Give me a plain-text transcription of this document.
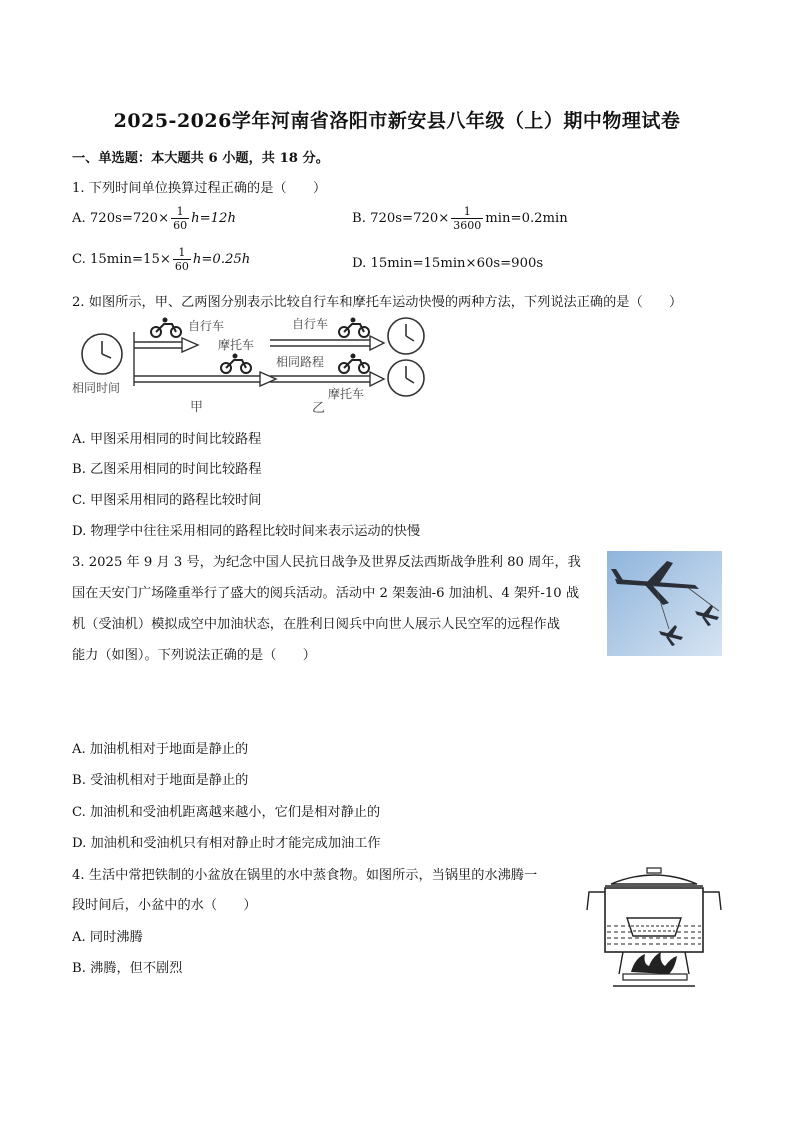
2025-2026学年河南省洛阳市新安县八年级（上）期中物理试卷
一、单选题：本大题共 6 小题，共 18 分。
1. 下列时间单位换算过程正确的是（　　）
A. $720s=720\times \frac{1}{60} h=12h$	B. $720s=720\times \frac{1}{3600} \min=0.2\min$
C. $15\min=15\times \frac{1}{60} h=0.25h$	D. 15min=15min×60s=900s
2. 如图所示，甲、乙两图分别表示比较自行车和摩托车运动快慢的两种方法，下列说法正确的是（　　）
相同时间
自行车
摩托车
甲
自行车
相同路程
摩托车
乙
A. 甲图采用相同的时间比较路程
B. 乙图采用相同的时间比较路程
C. 甲图采用相同的路程比较时间
D. 物理学中往往采用相同的路程比较时间来表示运动的快慢
3. 2025 年 9 月 3 号，为纪念中国人民抗日战争及世界反法西斯战争胜利 80 周年，我
国在天安门广场隆重举行了盛大的阅兵活动。活动中 2 架轰油-6 加油机、4 架歼-10 战
机（受油机）模拟成空中加油状态，在胜利日阅兵中向世人展示人民空军的远程作战
能力（如图）。下列说法正确的是（　　）
A. 加油机相对于地面是静止的
B. 受油机相对于地面是静止的
C. 加油机和受油机距离越来越小，它们是相对静止的
D. 加油机和受油机只有相对静止时才能完成加油工作
4. 生活中常把铁制的小盆放在锅里的水中蒸食物。如图所示，当锅里的水沸腾一
段时间后，小盆中的水（　　）
A. 同时沸腾
B. 沸腾，但不剧烈
